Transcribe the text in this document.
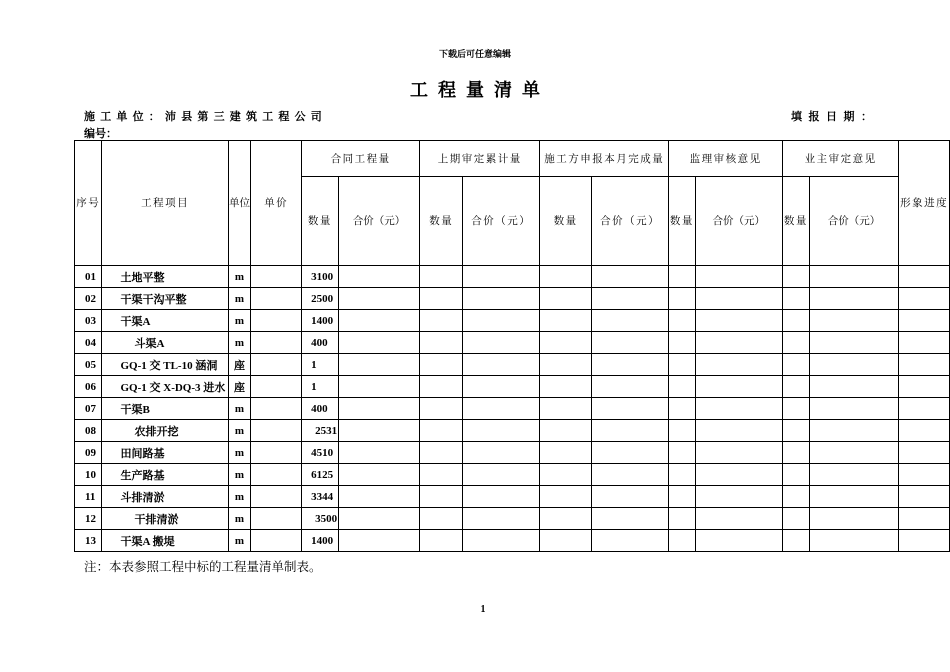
下载后可任意编辑
工程量清单
施工单位：沛县第三建筑工程公司	填报日期：
编号：
序号	工程项目	单位	单价	合同工程量		上期审定累计量		施工方申报本月完成量		监理审核意见		业主审定意见		形象进度
				数量	合价（元）	数量	合价（元）	数量	合价（元）	数量	合价（元）	数量	合价（元）	
01	土地平整	m		3100										
02	干渠干沟平整	m		2500										
03	干渠A	m		1400										
04	斗渠A	m		400										
05	GQ-1 交 TL-10 涵洞	座		1										
06	GQ-1 交 X-DQ-3 进水	座		1										
07	干渠B	m		400										
08	农排开挖	m		2531										
09	田间路基	m		4510										
10	生产路基	m		6125										
11	斗排清淤	m		3344										
12	干排清淤	m		3500										
13	干渠A 搬堤	m		1400										
注：本表参照工程中标的工程量清单制表。
1
